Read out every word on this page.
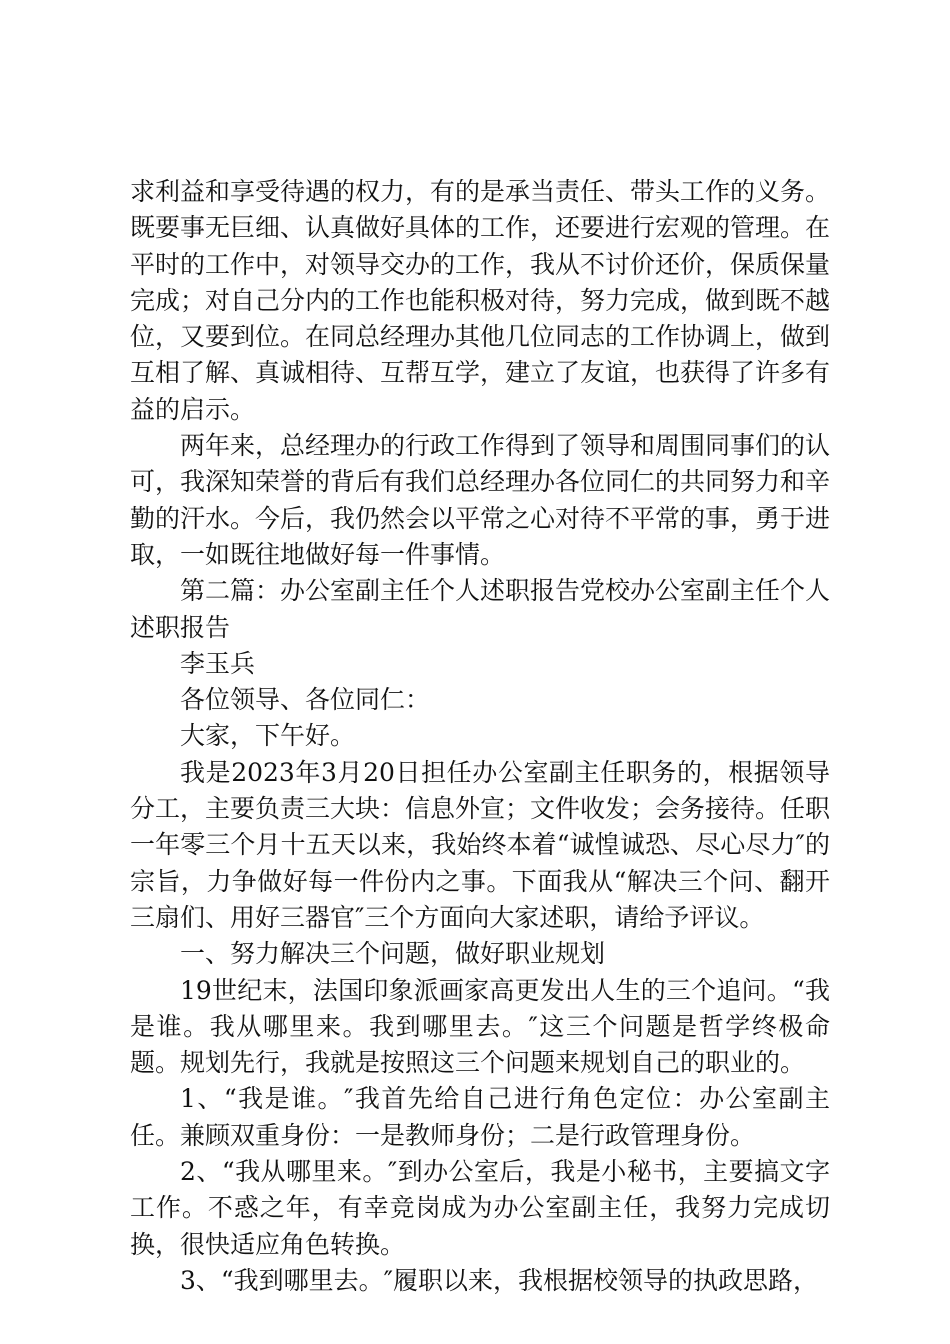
求利益和享受待遇的权力，有的是承当责任、带头工作的义务。既要事无巨细、认真做好具体的工作，还要进行宏观的管理。在平时的工作中，对领导交办的工作，我从不讨价还价，保质保量完成；对自己分内的工作也能积极对待，努力完成，做到既不越位，又要到位。在同总经理办其他几位同志的工作协调上，做到互相了解、真诚相待、互帮互学，建立了友谊，也获得了许多有益的启示。

两年来，总经理办的行政工作得到了领导和周围同事们的认可，我深知荣誉的背后有我们总经理办各位同仁的共同努力和辛勤的汗水。今后，我仍然会以平常之心对待不平常的事，勇于进取，一如既往地做好每一件事情。

第二篇：办公室副主任个人述职报告党校办公室副主任个人述职报告

李玉兵

各位领导、各位同仁：

大家，下午好。

我是2023年3月20日担任办公室副主任职务的，根据领导分工，主要负责三大块：信息外宣；文件收发；会务接待。任职一年零三个月十五天以来，我始终本着“诚惶诚恐、尽心尽力″的宗旨，力争做好每一件份内之事。下面我从“解决三个问、翻开三扇们、用好三器官″三个方面向大家述职，请给予评议。

一、努力解决三个问题，做好职业规划

19世纪末，法国印象派画家高更发出人生的三个追问。“我是谁。我从哪里来。我到哪里去。″这三个问题是哲学终极命题。规划先行，我就是按照这三个问题来规划自己的职业的。

1、“我是谁。″我首先给自己进行角色定位：办公室副主任。兼顾双重身份：一是教师身份；二是行政管理身份。

2、“我从哪里来。″到办公室后，我是小秘书，主要搞文字工作。不惑之年，有幸竞岗成为办公室副主任，我努力完成切换，很快适应角色转换。

3、“我到哪里去。″履职以来，我根据校领导的执政思路，
